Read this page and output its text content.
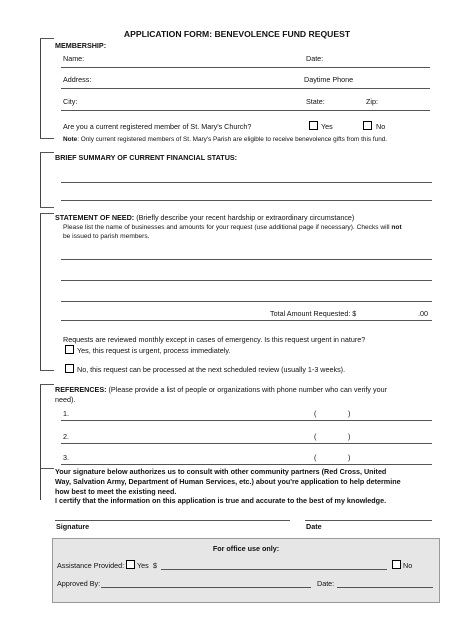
APPLICATION FORM: BENEVOLENCE FUND REQUEST
MEMBERSHIP:
Name:	Date:
Address:	Daytime Phone
City:	State:	Zip:
Are you a current registered member of St. Mary's Church?	Yes	No
Note: Only current registered members of St. Mary's Parish are eligible to receive benevolence gifts from this fund.
BRIEF SUMMARY OF CURRENT FINANCIAL STATUS:
STATEMENT OF NEED: (Briefly describe your recent hardship or extraordinary circumstance)
Please list the name of businesses and amounts for your request (use additional page if necessary). Checks will not
be issued to parish members.
Total Amount Requested: $	.00
Requests are reviewed monthly except in cases of emergency. Is this request urgent in nature?
Yes, this request is urgent, process immediately.
No, this request can be processed at the next scheduled review (usually 1-3 weeks).
REFERENCES: (Please provide a list of people or organizations with phone number who can verify your
need).
1.	(	)
2.	(	)
3.	(	)
Your signature below authorizes us to consult with other community partners (Red Cross, United
Way, Salvation Army, Department of Human Services, etc.) about you're application to help determine
how best to meet the existing need.
I certify that the information on this application is true and accurate to the best of my knowledge.
Signature	Date
For office use only:
Assistance Provided: Yes $	No
Approved By:	Date:
